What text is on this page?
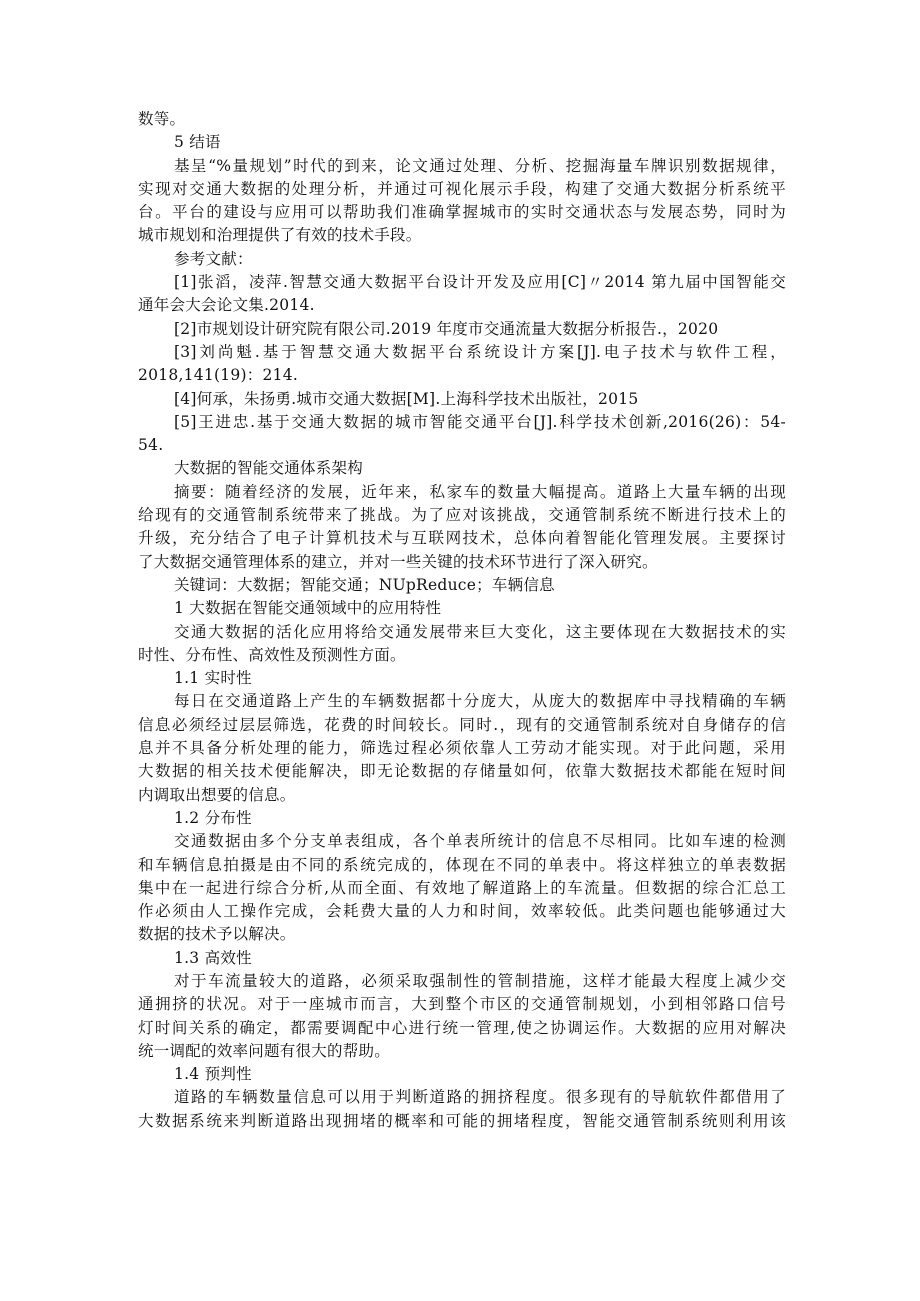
数等。
5 结语
基呈“%量规划”时代的到来，论文通过处理、分析、挖掘海量车牌识别数据规律，
实现对交通大数据的处理分析，并通过可视化展示手段，构建了交通大数据分析系统平
台。平台的建设与应用可以帮助我们准确掌握城市的实时交通状态与发展态势，同时为
城市规划和治理提供了有效的技术手段。
参考文献：
[1]张滔，凌萍.智慧交通大数据平台设计开发及应用[C]〃2014 第九届中国智能交
通年会大会论文集.2014.
[2]市规划设计研究院有限公司.2019 年度市交通流量大数据分析报告.，2020
[3]刘尚魁.基于智慧交通大数据平台系统设计方案[J].电子技术与软件工程，
2018,141(19)：214.
[4]何承，朱扬勇.城市交通大数据[M].上海科学技术出版社，2015
[5]王进忠.基于交通大数据的城市智能交通平台[J].科学技术创新,2016(26)：54-
54.
大数据的智能交通体系架构
摘要：随着经济的发展，近年来，私家车的数量大幅提高。道路上大量车辆的出现
给现有的交通管制系统带来了挑战。为了应对该挑战，交通管制系统不断进行技术上的
升级，充分结合了电子计算机技术与互联网技术，总体向着智能化管理发展。主要探讨
了大数据交通管理体系的建立，并对一些关键的技术环节进行了深入研究。
关键词：大数据；智能交通；NUpReduce；车辆信息
1 大数据在智能交通领域中的应用特性
交通大数据的活化应用将给交通发展带来巨大变化，这主要体现在大数据技术的实
时性、分布性、高效性及预测性方面。
1.1 实时性
每日在交通道路上产生的车辆数据都十分庞大，从庞大的数据库中寻找精确的车辆
信息必须经过层层筛选，花费的时间较长。同时.，现有的交通管制系统对自身储存的信
息并不具备分析处理的能力，筛选过程必须依靠人工劳动才能实现。对于此问题，采用
大数据的相关技术便能解决，即无论数据的存储量如何，依靠大数据技术都能在短时间
内调取出想要的信息。
1.2 分布性
交通数据由多个分支单表组成，各个单表所统计的信息不尽相同。比如车速的检测
和车辆信息拍摄是由不同的系统完成的，体现在不同的单表中。将这样独立的单表数据
集中在一起进行综合分析,从而全面、有效地了解道路上的车流量。但数据的综合汇总工
作必须由人工操作完成，会耗费大量的人力和时间，效率较低。此类问题也能够通过大
数据的技术予以解决。
1.3 高效性
对于车流量较大的道路，必须采取强制性的管制措施，这样才能最大程度上减少交
通拥挤的状况。对于一座城市而言，大到整个市区的交通管制规划，小到相邻路口信号
灯时间关系的确定，都需要调配中心进行统一管理,使之协调运作。大数据的应用对解决
统一调配的效率问题有很大的帮助。
1.4 预判性
道路的车辆数量信息可以用于判断道路的拥挤程度。很多现有的导航软件都借用了
大数据系统来判断道路出现拥堵的概率和可能的拥堵程度，智能交通管制系统则利用该
